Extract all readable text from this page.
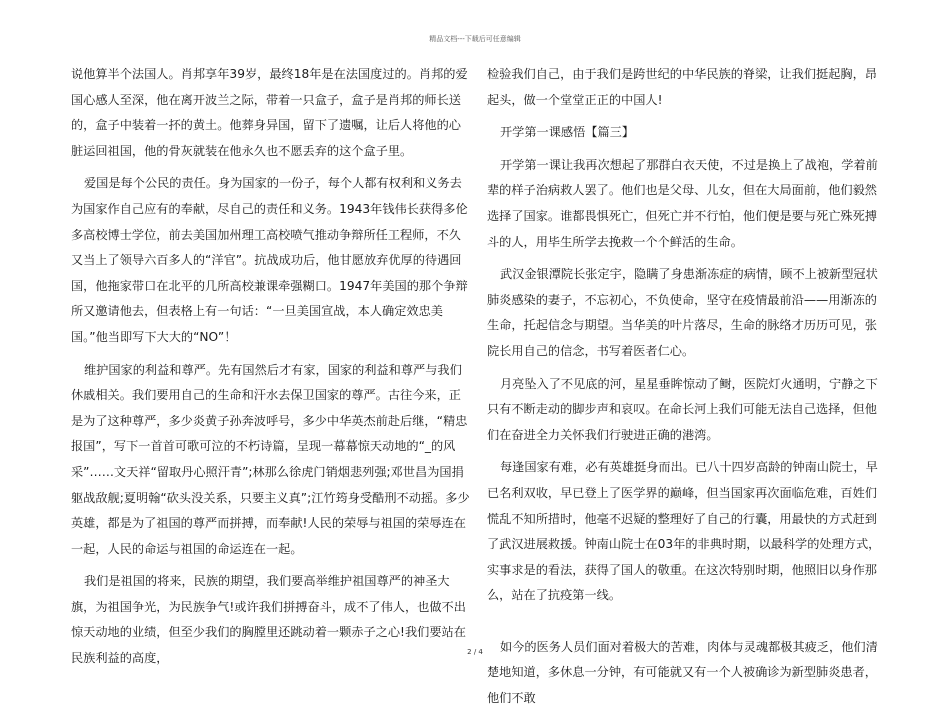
精品文档---下载后可任意编辑

说他算半个法国人。肖邦享年39岁，最终18年是在法国度过的。肖邦的爱国心感人至深，他在离开波兰之际，带着一只盒子，盒子是肖邦的师长送的，盒子中装着一抔的黄土。他葬身异国，留下了遗嘱，让后人将他的心脏运回祖国，他的骨灰就装在他永久也不愿丢弃的这个盒子里。

爱国是每个公民的责任。身为国家的一份子，每个人都有权利和义务去为国家作自己应有的奉献，尽自己的责任和义务。1943年钱伟长获得多伦多高校博士学位，前去美国加州理工高校喷气推动争辩所任工程师，不久又当上了领导六百多人的“洋官”。抗战成功后，他甘愿放弃优厚的待遇回国，他拖家带口在北平的几所高校兼课牵强糊口。1947年美国的那个争辩所又邀请他去，但表格上有一句话：“一旦美国宣战，本人确定效忠美国。”他当即写下大大的“NO”！

维护国家的利益和尊严。先有国然后才有家，国家的利益和尊严与我们休戚相关。我们要用自己的生命和汗水去保卫国家的尊严。古往今来，正是为了这种尊严，多少炎黄子孙奔波呼号，多少中华英杰前赴后继，“精忠报国”，写下一首首可歌可泣的不朽诗篇，呈现一幕幕惊天动地的“_的风采”……文天祥“留取丹心照汗青”;林那么徐虎门销烟悲列强;邓世昌为国捐躯战敌舰;夏明翰“砍头没关系，只要主义真”;江竹筠身受酷刑不动摇。多少英雄，都是为了祖国的尊严而拼搏，而奉献!人民的荣辱与祖国的荣辱连在一起，人民的命运与祖国的命运连在一起。

我们是祖国的将来，民族的期望，我们要高举维护祖国尊严的神圣大旗，为祖国争光，为民族争气!或许我们拼搏奋斗，成不了伟人，也做不出惊天动地的业绩，但至少我们的胸膛里还跳动着一颗赤子之心!我们要站在民族利益的高度，

检验我们自己，由于我们是跨世纪的中华民族的脊梁，让我们挺起胸，昂起头，做一个堂堂正正的中国人!

开学第一课感悟【篇三】

开学第一课让我再次想起了那群白衣天使，不过是换上了战袍，学着前辈的样子治病救人罢了。他们也是父母、儿女，但在大局面前，他们毅然选择了国家。谁都畏惧死亡，但死亡并不行怕，他们便是要与死亡殊死搏斗的人，用毕生所学去挽救一个个鲜活的生命。

武汉金银潭院长张定宇，隐瞒了身患渐冻症的病情，顾不上被新型冠状肺炎感染的妻子，不忘初心，不负使命，坚守在疫情最前沿——用渐冻的生命，托起信念与期望。当华美的叶片落尽，生命的脉络才历历可见，张院长用自己的信念，书写着医者仁心。

月亮坠入了不见底的河，星星垂眸惊动了鲥，医院灯火通明，宁静之下只有不断走动的脚步声和哀叹。在命长河上我们可能无法自己选择，但他们在奋进全力关怀我们行驶进正确的港湾。

每逢国家有难，必有英雄挺身而出。已八十四岁高龄的钟南山院士，早已名利双收，早已登上了医学界的巅峰，但当国家再次面临危难，百姓们慌乱不知所措时，他毫不迟疑的整理好了自己的行囊，用最快的方式赶到了武汉进展救援。钟南山院士在03年的非典时期，以最科学的处理方式，实事求是的看法，获得了国人的敬重。在这次特别时期，他照旧以身作那么，站在了抗疫第一线。

如今的医务人员们面对着极大的苦难，肉体与灵魂都极其疲乏，他们清楚地知道，多休息一分钟，有可能就又有一个人被确诊为新型肺炎患者，他们不敢

2 / 4
